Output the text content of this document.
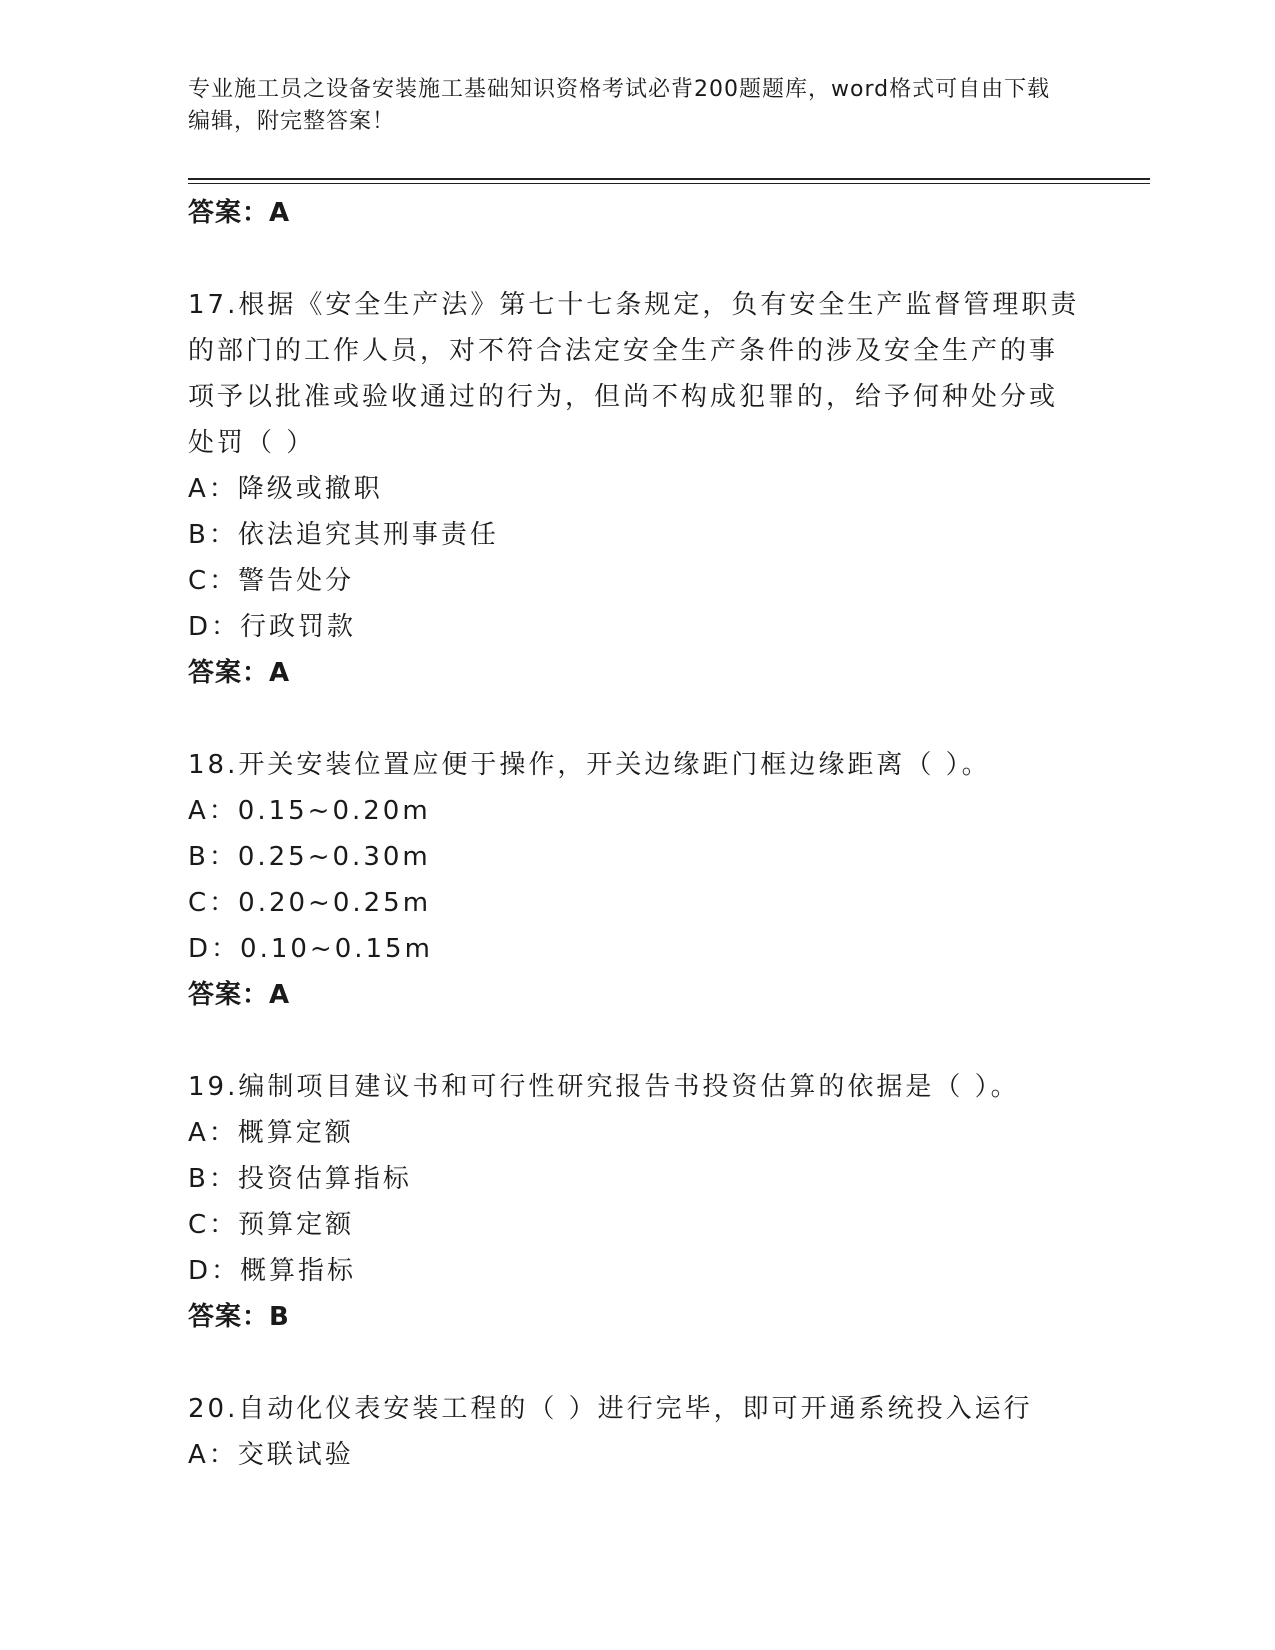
专业施工员之设备安装施工基础知识资格考试必背200题题库，word格式可自由下载编辑，附完整答案！
答案：A
17.根据《安全生产法》第七十七条规定，负有安全生产监督管理职责
的部门的工作人员，对不符合法定安全生产条件的涉及安全生产的事
项予以批准或验收通过的行为，但尚不构成犯罪的，给予何种处分或
处罚（ ）
A：降级或撤职
B：依法追究其刑事责任
C：警告处分
D：行政罚款
答案：A
18.开关安装位置应便于操作，开关边缘距门框边缘距离（ ）。
A：0.15~0.20m
B：0.25~0.30m
C：0.20~0.25m
D：0.10~0.15m
答案：A
19.编制项目建议书和可行性研究报告书投资估算的依据是（ ）。
A：概算定额
B：投资估算指标
C：预算定额
D：概算指标
答案：B
20.自动化仪表安装工程的（ ）进行完毕，即可开通系统投入运行
A：交联试验
